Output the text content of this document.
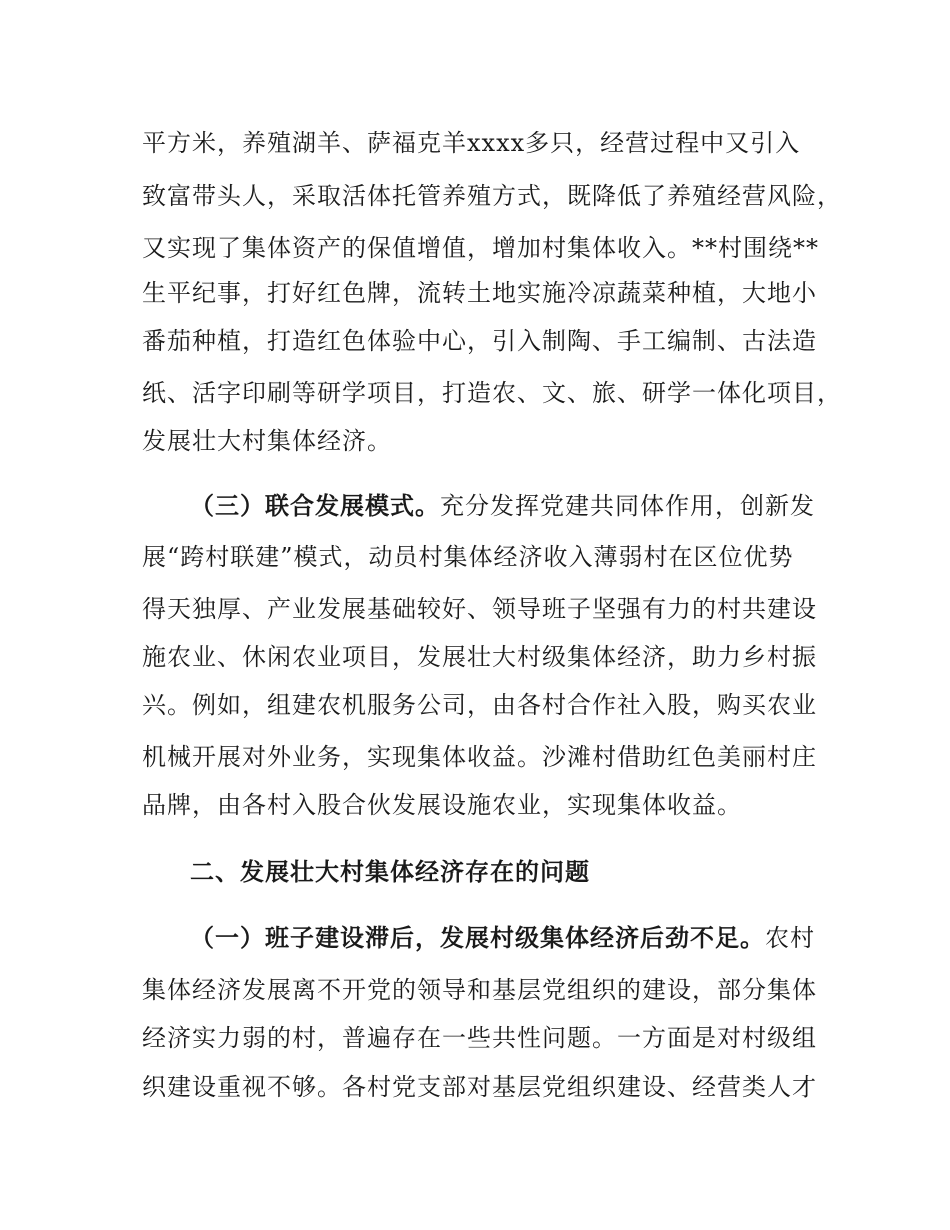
平方米，养殖湖羊、萨福克羊xxxx多只，经营过程中又引入
致富带头人，采取活体托管养殖方式，既降低了养殖经营风险，
又实现了集体资产的保值增值，增加村集体收入。**村围绕**
生平纪事，打好红色牌，流转土地实施冷凉蔬菜种植，大地小
番茄种植，打造红色体验中心，引入制陶、手工编制、古法造
纸、活字印刷等研学项目，打造农、文、旅、研学一体化项目，
发展壮大村集体经济。
（三）联合发展模式。充分发挥党建共同体作用，创新发
展“跨村联建”模式，动员村集体经济收入薄弱村在区位优势
得天独厚、产业发展基础较好、领导班子坚强有力的村共建设
施农业、休闲农业项目，发展壮大村级集体经济，助力乡村振
兴。例如，组建农机服务公司，由各村合作社入股，购买农业
机械开展对外业务，实现集体收益。沙滩村借助红色美丽村庄
品牌，由各村入股合伙发展设施农业，实现集体收益。
二、发展壮大村集体经济存在的问题
（一）班子建设滞后，发展村级集体经济后劲不足。农村
集体经济发展离不开党的领导和基层党组织的建设，部分集体
经济实力弱的村，普遍存在一些共性问题。一方面是对村级组
织建设重视不够。各村党支部对基层党组织建设、经营类人才
